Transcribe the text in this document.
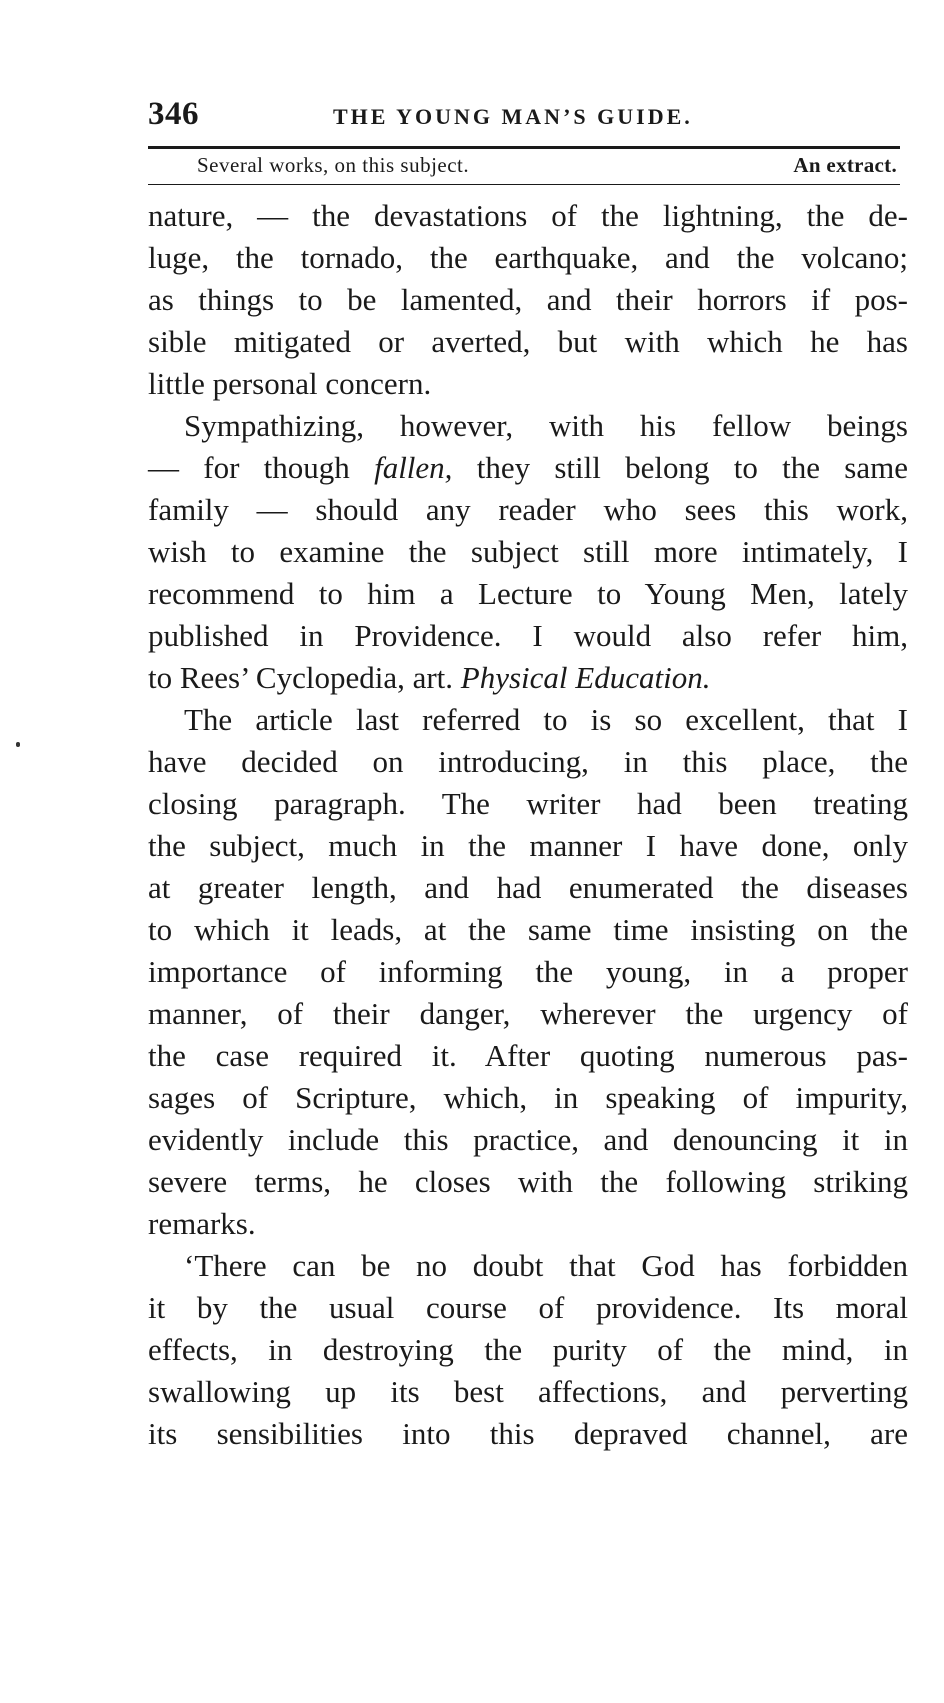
346	THE YOUNG MAN’S GUIDE.
Several works, on this subject.	An extract.
nature, — the devastations of the lightning, the de-
luge, the tornado, the earthquake, and the volcano;
as things to be lamented, and their horrors if pos-
sible mitigated or averted, but with which he has
little personal concern.
Sympathizing, however, with his fellow beings
— for though fallen, they still belong to the same
family — should any reader who sees this work,
wish to examine the subject still more intimately, I
recommend to him a Lecture to Young Men, lately
published in Providence. I would also refer him,
to Rees’ Cyclopedia, art. Physical Education.
The article last referred to is so excellent, that I
have decided on introducing, in this place, the
closing paragraph. The writer had been treating
the subject, much in the manner I have done, only
at greater length, and had enumerated the diseases
to which it leads, at the same time insisting on the
importance of informing the young, in a proper
manner, of their danger, wherever the urgency of
the case required it. After quoting numerous pas-
sages of Scripture, which, in speaking of impurity,
evidently include this practice, and denouncing it in
severe terms, he closes with the following striking
remarks.
‘There can be no doubt that God has forbidden
it by the usual course of providence. Its moral
effects, in destroying the purity of the mind, in
swallowing up its best affections, and perverting
its sensibilities into this depraved channel, are
